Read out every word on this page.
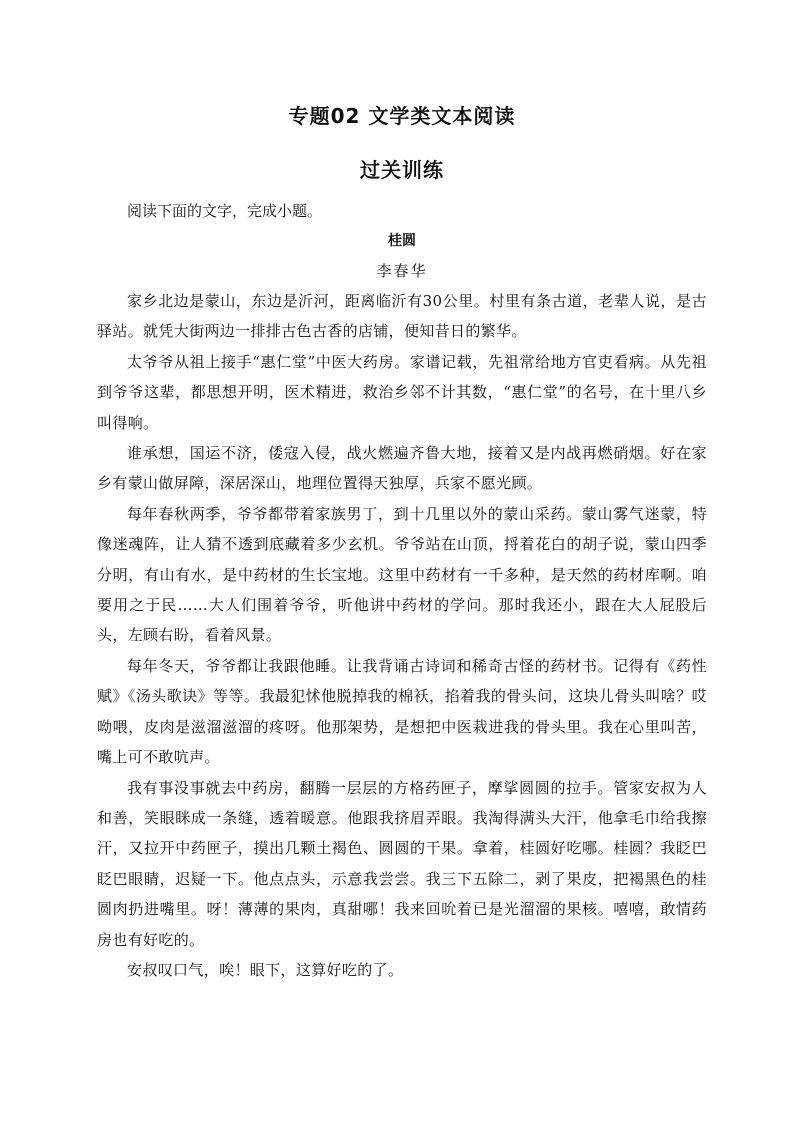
专题02 文学类文本阅读
过关训练

阅读下面的文字，完成小题。

桂圆

李春华

家乡北边是蒙山，东边是沂河，距离临沂有30公里。村里有条古道，老辈人说，是古驿站。就凭大街两边一排排古色古香的店铺，便知昔日的繁华。

太爷爷从祖上接手“惠仁堂”中医大药房。家谱记载，先祖常给地方官吏看病。从先祖到爷爷这辈，都思想开明，医术精进，救治乡邻不计其数，“惠仁堂”的名号，在十里八乡叫得响。

谁承想，国运不济，倭寇入侵，战火燃遍齐鲁大地，接着又是内战再燃硝烟。好在家乡有蒙山做屏障，深居深山，地理位置得天独厚，兵家不愿光顾。

每年春秋两季，爷爷都带着家族男丁，到十几里以外的蒙山采药。蒙山雾气迷蒙，特像迷魂阵，让人猜不透到底藏着多少玄机。爷爷站在山顶，捋着花白的胡子说，蒙山四季分明，有山有水，是中药材的生长宝地。这里中药材有一千多种，是天然的药材库啊。咱要用之于民……大人们围着爷爷，听他讲中药材的学问。那时我还小，跟在大人屁股后头，左顾右盼，看着风景。

每年冬天，爷爷都让我跟他睡。让我背诵古诗词和稀奇古怪的药材书。记得有《药性赋》《汤头歌诀》等等。我最犯怵他脱掉我的棉袄，掐着我的骨头问，这块儿骨头叫啥？哎呦喂，皮肉是滋溜滋溜的疼呀。他那架势，是想把中医栽进我的骨头里。我在心里叫苦，嘴上可不敢吭声。

我有事没事就去中药房，翻腾一层层的方格药匣子，摩挲圆圆的拉手。管家安叔为人和善，笑眼眯成一条缝，透着暖意。他跟我挤眉弄眼。我淘得满头大汗，他拿毛巾给我擦汗，又拉开中药匣子，摸出几颗土褐色、圆圆的干果。拿着，桂圆好吃哪。桂圆？我眨巴眨巴眼睛，迟疑一下。他点点头，示意我尝尝。我三下五除二，剥了果皮，把褐黑色的桂圆肉扔进嘴里。呀！薄薄的果肉，真甜哪！我来回吮着已是光溜溜的果核。嘻嘻，敢情药房也有好吃的。

安叔叹口气，唉！眼下，这算好吃的了。
